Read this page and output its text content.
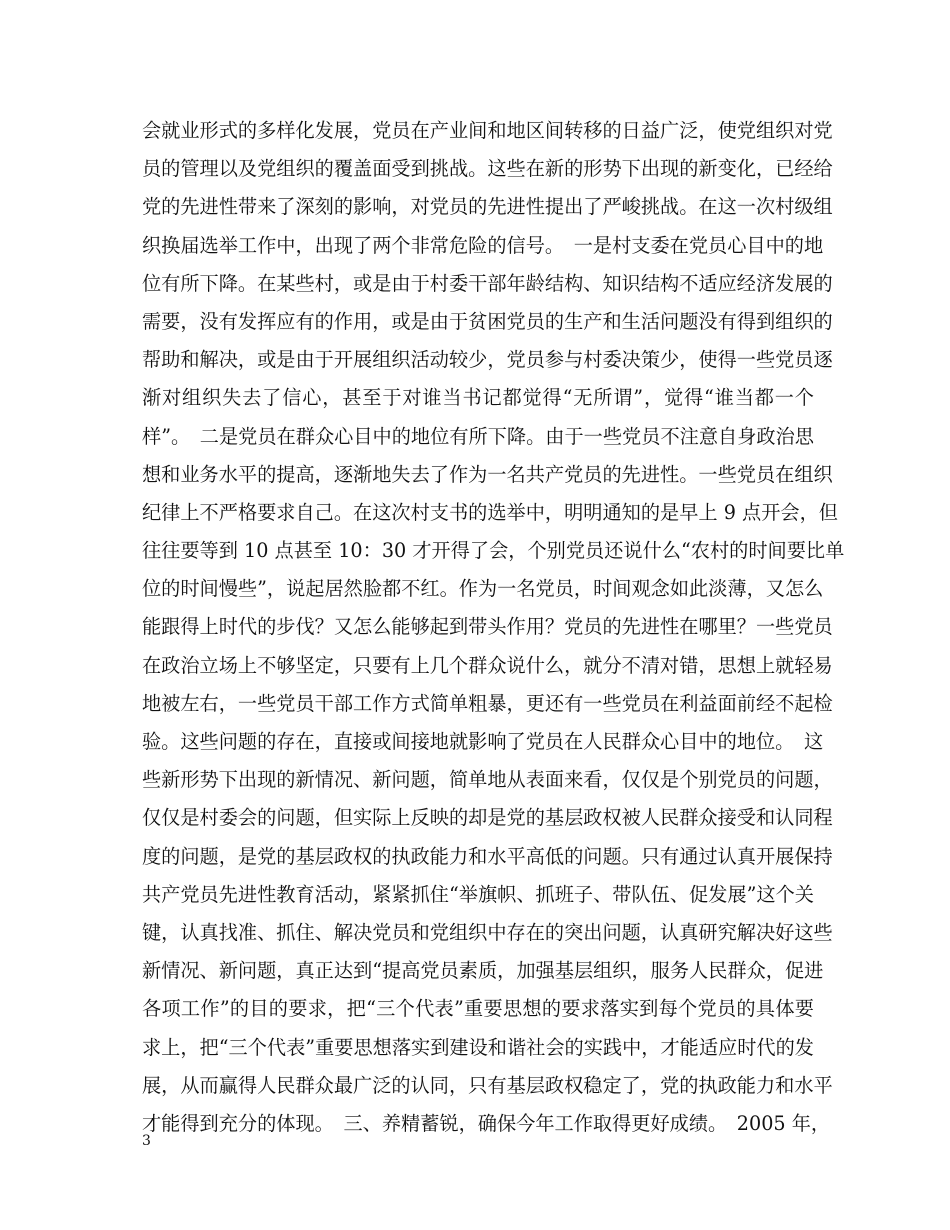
会就业形式的多样化发展，党员在产业间和地区间转移的日益广泛，使党组织对党
员的管理以及党组织的覆盖面受到挑战。这些在新的形势下出现的新变化，已经给
党的先进性带来了深刻的影响，对党员的先进性提出了严峻挑战。在这一次村级组
织换届选举工作中，出现了两个非常危险的信号。　一是村支委在党员心目中的地
位有所下降。在某些村，或是由于村委干部年龄结构、知识结构不适应经济发展的
需要，没有发挥应有的作用，或是由于贫困党员的生产和生活问题没有得到组织的
帮助和解决，或是由于开展组织活动较少，党员参与村委决策少，使得一些党员逐
渐对组织失去了信心，甚至于对谁当书记都觉得“无所谓”，觉得“谁当都一个
样”。　二是党员在群众心目中的地位有所下降。由于一些党员不注意自身政治思
想和业务水平的提高，逐渐地失去了作为一名共产党员的先进性。一些党员在组织
纪律上不严格要求自己。在这次村支书的选举中，明明通知的是早上 9 点开会，但
往往要等到 10 点甚至 10：30 才开得了会，个别党员还说什么“农村的时间要比单
位的时间慢些”，说起居然脸都不红。作为一名党员，时间观念如此淡薄，又怎么
能跟得上时代的步伐？又怎么能够起到带头作用？党员的先进性在哪里？一些党员
在政治立场上不够坚定，只要有上几个群众说什么，就分不清对错，思想上就轻易
地被左右，一些党员干部工作方式简单粗暴，更还有一些党员在利益面前经不起检
验。这些问题的存在，直接或间接地就影响了党员在人民群众心目中的地位。　这
些新形势下出现的新情况、新问题，简单地从表面来看，仅仅是个别党员的问题，
仅仅是村委会的问题，但实际上反映的却是党的基层政权被人民群众接受和认同程
度的问题，是党的基层政权的执政能力和水平高低的问题。只有通过认真开展保持
共产党员先进性教育活动，紧紧抓住“举旗帜、抓班子、带队伍、促发展”这个关
键，认真找准、抓住、解决党员和党组织中存在的突出问题，认真研究解决好这些
新情况、新问题，真正达到“提高党员素质，加强基层组织，服务人民群众，促进
各项工作”的目的要求，把“三个代表”重要思想的要求落实到每个党员的具体要
求上，把“三个代表”重要思想落实到建设和谐社会的实践中，才能适应时代的发
展，从而赢得人民群众最广泛的认同，只有基层政权稳定了，党的执政能力和水平
才能得到充分的体现。　三、养精蓄锐，确保今年工作取得更好成绩。　2005 年，

3
